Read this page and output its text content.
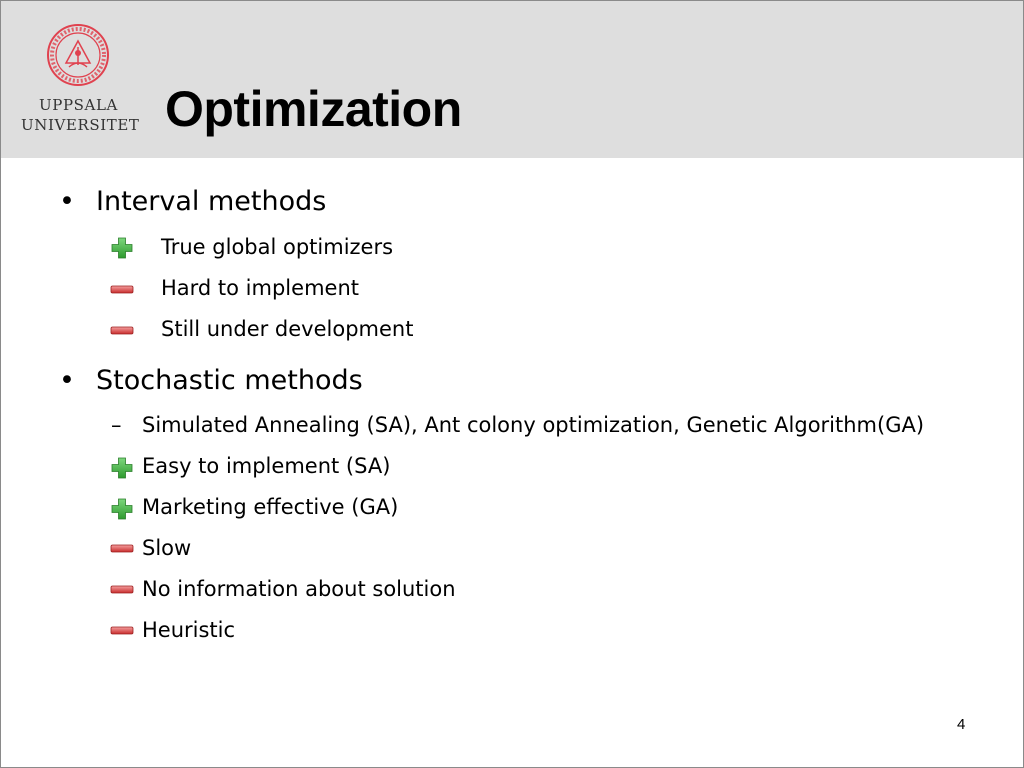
UPPSALA
UNIVERSITET Optimization
• Interval methods
True global optimizers
Hard to implement
Still under development
• Stochastic methods
– Simulated Annealing (SA), Ant colony optimization, Genetic Algorithm(GA)
Easy to implement (SA)
Marketing effective (GA)
Slow
No information about solution
Heuristic
4
